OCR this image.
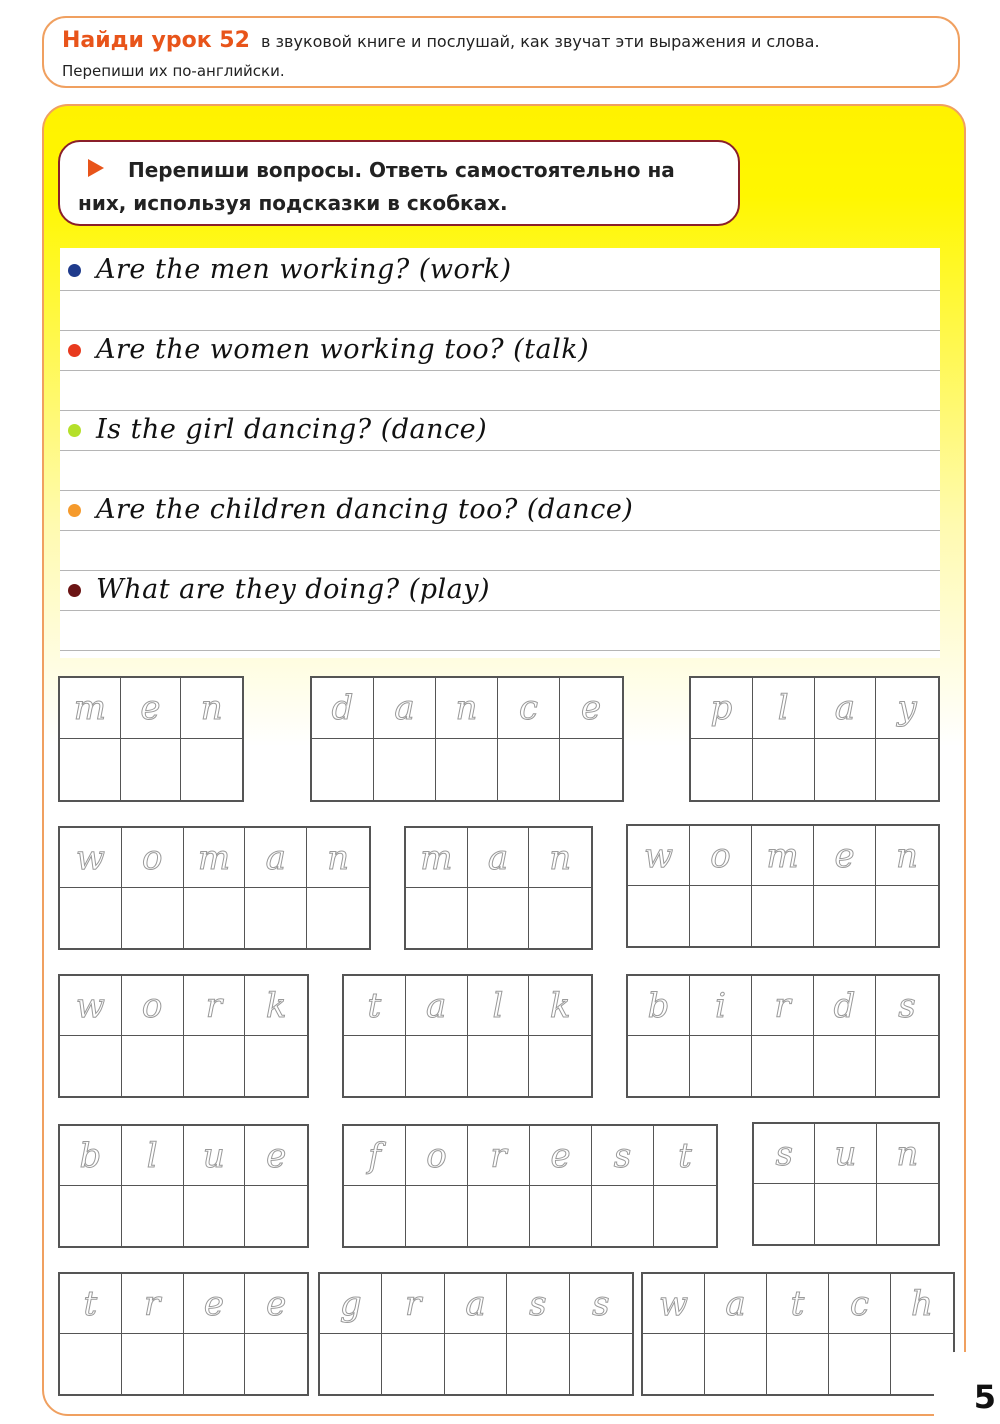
Найди урок 52 в звуковой книге и послушай, как звучат эти выражения и слова.
Перепиши их по-английски.
Перепиши вопросы. Ответь самостоятельно на них, используя подсказки в скобках.
Are the men working? (work)
Are the women working too? (talk)
Is the girl dancing? (dance)
Are the children dancing too? (dance)
What are they doing? (play)
m e n	d a n c e	p l a y
w o m a n m a n w o m e n
w o r k t a l k b i r d s
b l u e f o r e s t s u n
t r e e g r a s s w a t c h
5
